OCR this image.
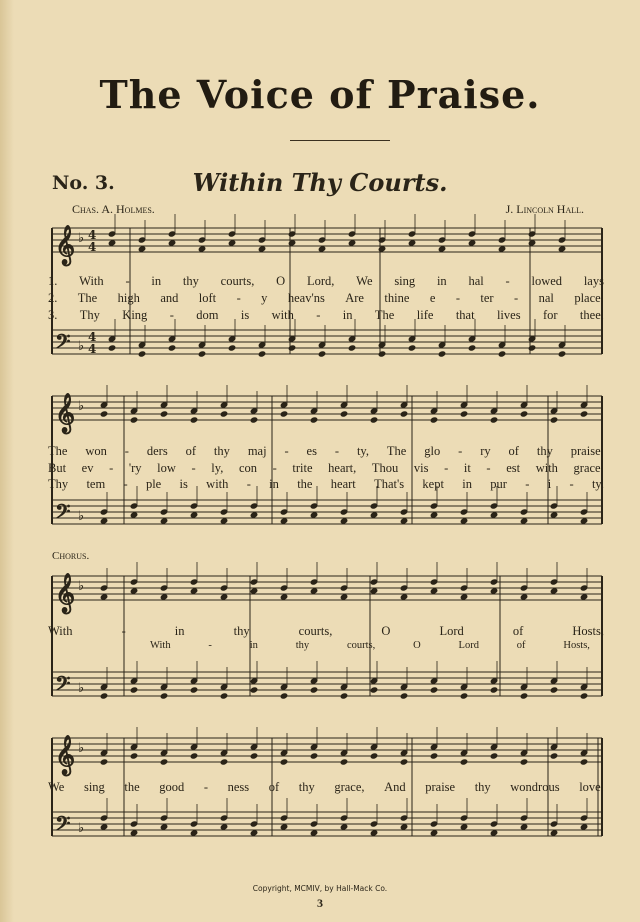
The Voice of Praise.
No. 3.	Within Thy Courts.
Chas. A. Holmes.	J. Lincoln Hall.
Chorus.
𝄞 ♭ 4
4
𝄢 ♭
4
4
𝄞 ♭
𝄢 ♭
𝄞 ♭
𝄢 ♭
𝄞 ♭
𝄢 ♭
1. With - in thy courts, O Lord, We sing in hal - lowed lays
2. The high and loft - y heav'ns Are thine e - ter - nal place,
3. Thy King - dom is with - in The life that lives for thee,
The won - ders of thy maj - es - ty, The glo - ry of thy praise.
But ev - 'ry low - ly, con - trite heart, Thou vis - it - est with grace.
Thy tem - ple is with - in the heart That's kept in pur - i - ty.
With	-	in	thy	courts,	O	Lord	of	Hosts,
With	-	in	thy	courts,	O	Lord	of	Hosts,
We sing the good - ness of thy grace, And praise thy wondrous love.
Copyright, MCMIV, by Hall-Mack Co.
3
